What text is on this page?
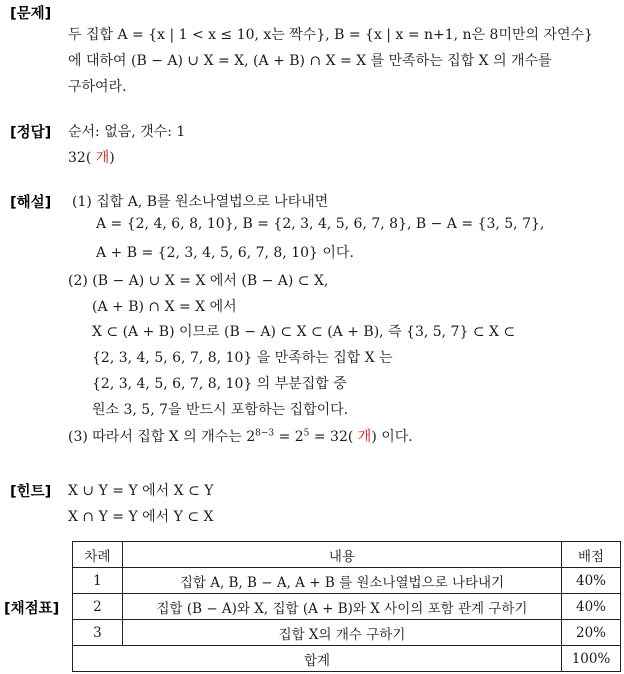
[문제]
두 집합 A = {x | 1 < x ≤ 10, x는 짝수}, B = {x | x = n+1, n은 8미만의 자연수}
에 대하여 (B − A) ∪ X = X, (A + B) ∩ X = X 를 만족하는 집합 X 의 개수를
구하여라.
[정답] 순서: 없음, 갯수: 1
32( 개)
[해설] (1) 집합 A, B를 원소나열법으로 나타내면
A = {2, 4, 6, 8, 10}, B = {2, 3, 4, 5, 6, 7, 8}, B − A = {3, 5, 7},
A + B = {2, 3, 4, 5, 6, 7, 8, 10} 이다.
(2) (B − A) ∪ X = X 에서 (B − A) ⊂ X,
(A + B) ∩ X = X 에서
X ⊂ (A + B) 이므로 (B − A) ⊂ X ⊂ (A + B), 즉 {3, 5, 7} ⊂ X ⊂
{2, 3, 4, 5, 6, 7, 8, 10} 을 만족하는 집합 X 는
{2, 3, 4, 5, 6, 7, 8, 10} 의 부분집합 중
원소 3, 5, 7을 반드시 포함하는 집합이다.
(3) 따라서 집합 X 의 개수는 $2^{8-3} = 2^5 = 32$( 개) 이다.
[힌트] X ∪ Y = Y 에서 X ⊂ Y
X ∩ Y = Y 에서 Y ⊂ X
[채점표]
차례	내용	배점
1	집합 A, B, B − A, A + B 를 원소나열법으로 나타내기	40%
2	집합 (B − A)와 X, 집합 (A + B)와 X 사이의 포함 관계 구하기	40%
3	집합 X의 개수 구하기	20%
합계		100%
